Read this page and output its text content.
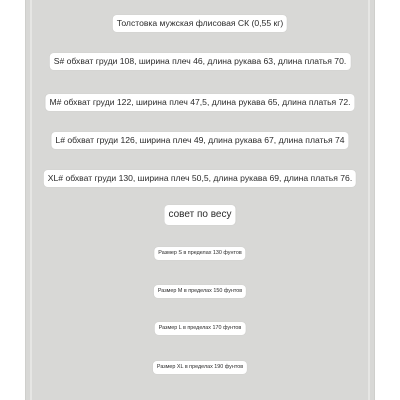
Толстовка мужская флисовая СК (0,55 кг)
S# обхват груди 108, ширина плеч 46, длина рукава 63, длина платья 70.
M# обхват груди 122, ширина плеч 47,5, длина рукава 65, длина платья 72.
L# обхват груди 126, ширина плеч 49, длина рукава 67, длина платья 74
XL# обхват груди 130, ширина плеч 50,5, длина рукава 69, длина платья 76.
совет по весу
Размер S в пределах 130 фунтов
Размер M в пределах 150 фунтов
Размер L в пределах 170 фунтов
Размер XL в пределах 190 фунтов
